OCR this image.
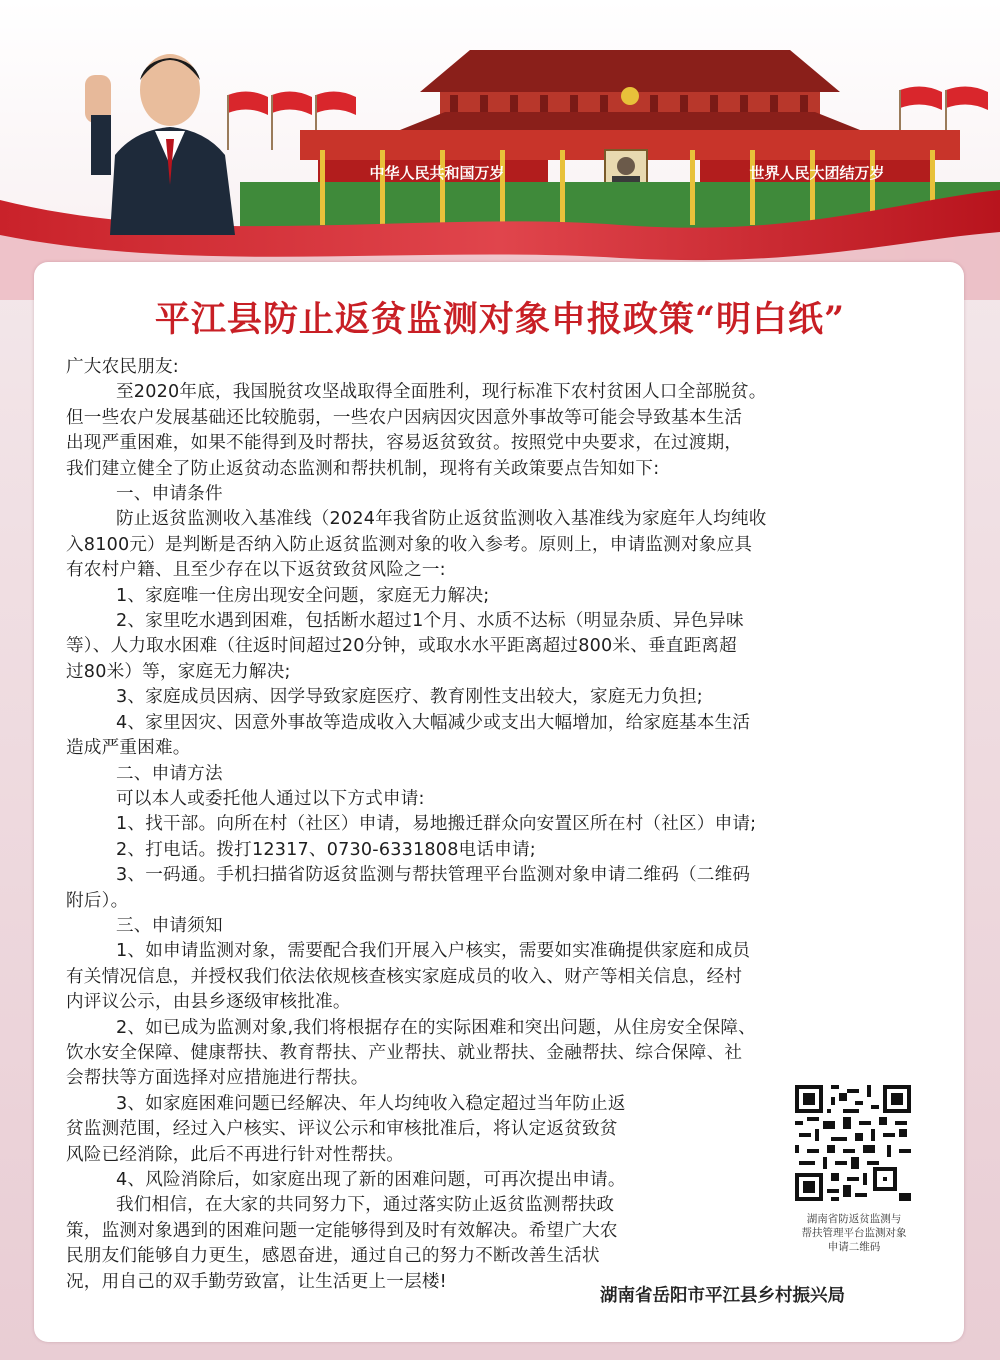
中华人民共和国万岁	世界人民大团结万岁
平江县防止返贫监测对象申报政策“明白纸”

广大农民朋友:

至2020年底，我国脱贫攻坚战取得全面胜利，现行标准下农村贫困人口全部脱贫。

但一些农户发展基础还比较脆弱，一些农户因病因灾因意外事故等可能会导致基本生活

出现严重困难，如果不能得到及时帮扶，容易返贫致贫。按照党中央要求，在过渡期，

我们建立健全了防止返贫动态监测和帮扶机制，现将有关政策要点告知如下:

一、申请条件

防止返贫监测收入基准线（2024年我省防止返贫监测收入基准线为家庭年人均纯收

入8100元）是判断是否纳入防止返贫监测对象的收入参考。原则上，申请监测对象应具

有农村户籍、且至少存在以下返贫致贫风险之一:

1、家庭唯一住房出现安全问题，家庭无力解决;

2、家里吃水遇到困难，包括断水超过1个月、水质不达标（明显杂质、异色异味

等）、人力取水困难（往返时间超过20分钟，或取水水平距离超过800米、垂直距离超

过80米）等，家庭无力解决;

3、家庭成员因病、因学导致家庭医疗、教育刚性支出较大，家庭无力负担;

4、家里因灾、因意外事故等造成收入大幅减少或支出大幅增加，给家庭基本生活

造成严重困难。

二、申请方法

可以本人或委托他人通过以下方式申请:

1、找干部。向所在村（社区）申请，易地搬迁群众向安置区所在村（社区）申请;

2、打电话。拨打12317、0730-6331808电话申请;

3、一码通。手机扫描省防返贫监测与帮扶管理平台监测对象申请二维码（二维码

附后）。

三、申请须知

1、如申请监测对象，需要配合我们开展入户核实，需要如实准确提供家庭和成员

有关情况信息，并授权我们依法依规核查核实家庭成员的收入、财产等相关信息，经村

内评议公示，由县乡逐级审核批准。

2、如已成为监测对象,我们将根据存在的实际困难和突出问题，从住房安全保障、

饮水安全保障、健康帮扶、教育帮扶、产业帮扶、就业帮扶、金融帮扶、综合保障、社

会帮扶等方面选择对应措施进行帮扶。

3、如家庭困难问题已经解决、年人均纯收入稳定超过当年防止返

贫监测范围，经过入户核实、评议公示和审核批准后，将认定返贫致贫

风险已经消除，此后不再进行针对性帮扶。

4、风险消除后，如家庭出现了新的困难问题，可再次提出申请。

我们相信，在大家的共同努力下，通过落实防止返贫监测帮扶政

策，监测对象遇到的困难问题一定能够得到及时有效解决。希望广大农

民朋友们能够自力更生，感恩奋进，通过自己的努力不断改善生活状

况，用自己的双手勤劳致富，让生活更上一层楼!

湖南省防返贫监测与
帮扶管理平台监测对象
申请二维码
湖南省岳阳市平江县乡村振兴局
